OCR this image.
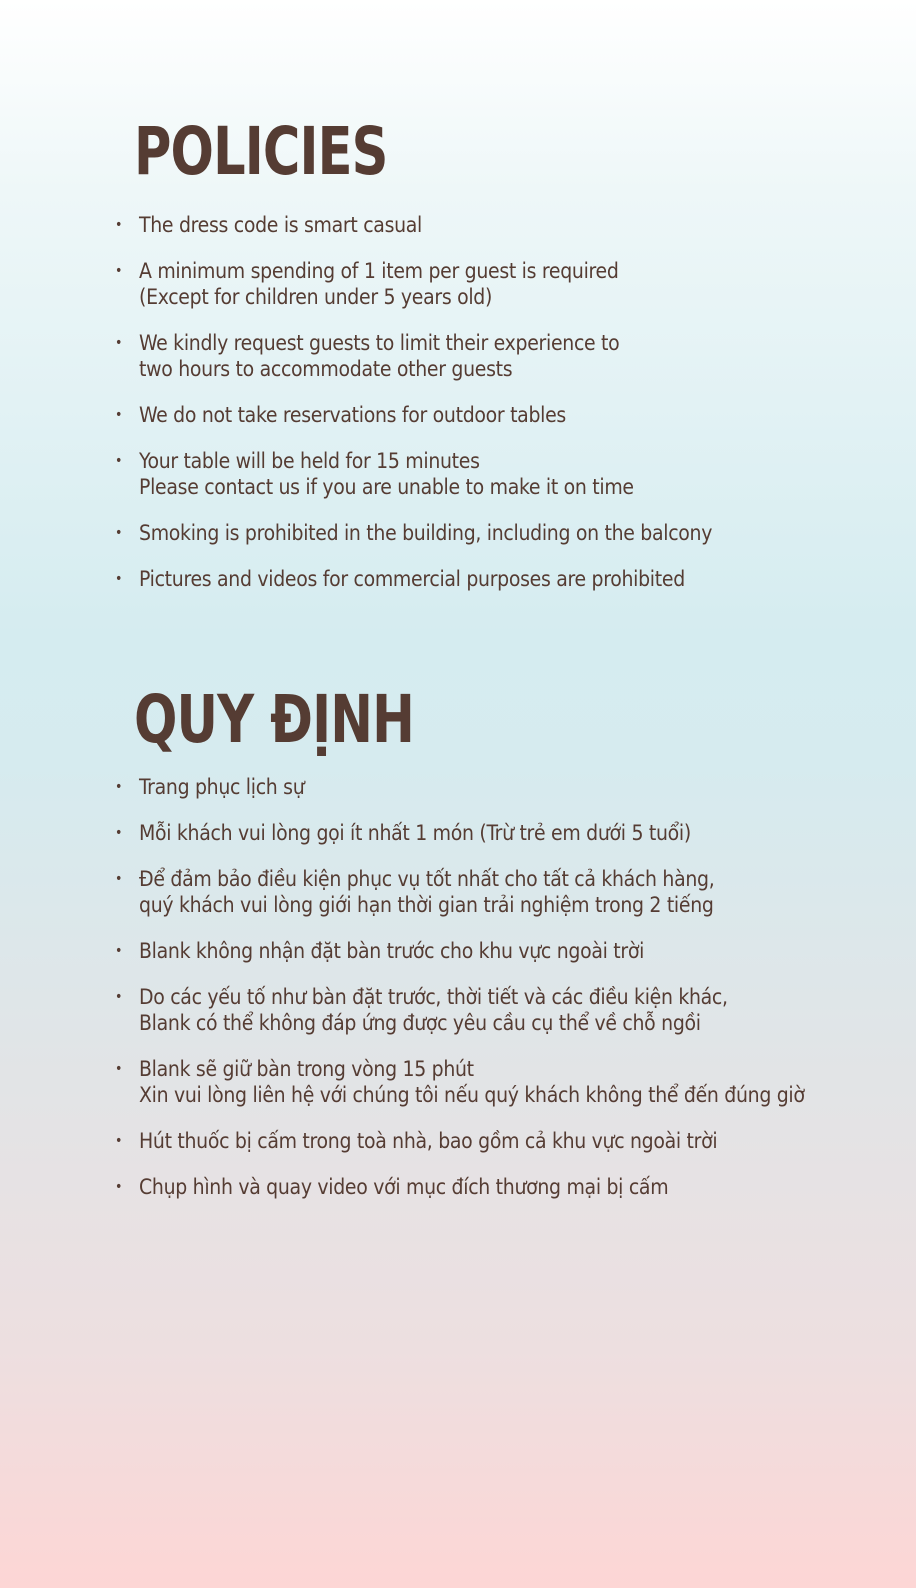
POLICIES
• The dress code is smart casual
• A minimum spending of 1 item per guest is required
(Except for children under 5 years old)
• We kindly request guests to limit their experience to
two hours to accommodate other guests
• We do not take reservations for outdoor tables
• Your table will be held for 15 minutes
Please contact us if you are unable to make it on time
• Smoking is prohibited in the building, including on the balcony
• Pictures and videos for commercial purposes are prohibited
QUY ĐỊNH
• Trang phục lịch sự
• Mỗi khách vui lòng gọi ít nhất 1 món (Trừ trẻ em dưới 5 tuổi)
• Để đảm bảo điều kiện phục vụ tốt nhất cho tất cả khách hàng,
quý khách vui lòng giới hạn thời gian trải nghiệm trong 2 tiếng
• Blank không nhận đặt bàn trước cho khu vực ngoài trời
• Do các yếu tố như bàn đặt trước, thời tiết và các điều kiện khác,
Blank có thể không đáp ứng được yêu cầu cụ thể về chỗ ngồi
• Blank sẽ giữ bàn trong vòng 15 phút
Xin vui lòng liên hệ với chúng tôi nếu quý khách không thể đến đúng giờ
• Hút thuốc bị cấm trong toà nhà, bao gồm cả khu vực ngoài trời
• Chụp hình và quay video với mục đích thương mại bị cấm
